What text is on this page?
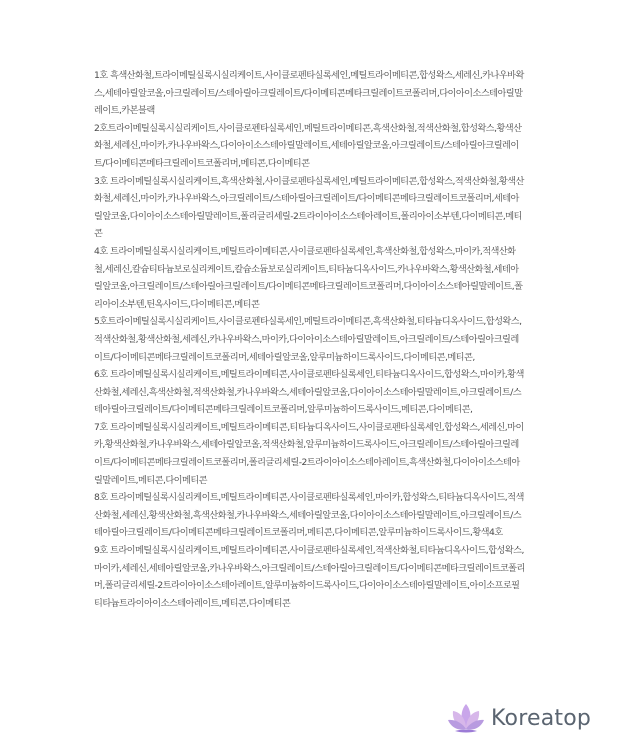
1호 흑색산화철,트라이메틸실록시실리케이트,사이클로펜타실록세인,메틸트라이메티콘,합성왁스,세레신,카나우바왁스,세테아릴알코올,아크릴레이트/스테아릴아크릴레이트/다이메티콘메타크릴레이트코폴리머,다이아이소스테아릴말레이트,카본블랙

2호트라이메틸실록시실리케이트,사이클로펜타실록세인,메틸트라이메티콘,흑색산화철,적색산화철,합성왁스,황색산화철,세레신,마이카,카나우바왁스,다이아이소스테아릴말레이트,세테아릴알코올,아크릴레이트/스테아릴아크릴레이트/다이메티콘메타크릴레이트코폴리머,메티콘,다이메티콘

3호 트라이메틸실록시실리케이트,흑색산화철,사이클로펜타실록세인,메틸트라이메티콘,합성왁스,적색산화철,황색산화철,세레신,마이카,카나우바왁스,아크릴레이트/스테아릴아크릴레이트/다이메티콘메타크릴레이트코폴리머,세테아릴알코올,다이아이소스테아릴말레이트,폴리글리세릴-2트라이아이소스테아레이트,폴리아이소부텐,다이메티콘,메티콘

4호 트라이메틸실록시실리케이트,메틸트라이메티콘,사이클로펜타실록세인,흑색산화철,합성왁스,마이카,적색산화철,세레신,칼슘티타늄보로실리케이트,칼슘소듐보로실리케이트,티타늄디옥사이드,카나우바왁스,황색산화철,세테아릴알코올,아크릴레이트/스테아릴아크릴레이트/다이메티콘메타크릴레이트코폴리머,다이아이소스테아릴말레이트,폴리아이소부텐,틴옥사이드,다이메티콘,메티콘

5호트라이메틸실록시실리케이트,사이클로펜타실록세인,메틸트라이메티콘,흑색산화철,티타늄디옥사이드,합성왁스,적색산화철,황색산화철,세레신,카나우바왁스,마이카,다이아이소스테아릴말레이트,아크릴레이트/스테아릴아크릴레이트/다이메티콘메타크릴레이트코폴리머,세테아릴알코올,알루미늄하이드록사이드,다이메티콘,메티콘,

6호 트라이메틸실록시실리케이트,메틸트라이메티콘,사이클로펜타실록세인,티타늄디옥사이드,합성왁스,마이카,황색산화철,세레신,흑색산화철,적색산화철,카나우바왁스,세테아릴알코올,다이아이소스테아릴말레이트,아크릴레이트/스테아릴아크릴레이트/다이메티콘메타크릴레이트코폴리머,알루미늄하이드록사이드,메티콘,다이메티콘,

7호 트라이메틸실록시실리케이트,메틸트라이메티콘,티타늄디옥사이드,사이클로펜타실록세인,합성왁스,세레신,마이카,황색산화철,카나우바왁스,세테아릴알코올,적색산화철,알루미늄하이드록사이드,아크릴레이트/스테아릴아크릴레이트/다이메티콘메타크릴레이트코폴리머,폴리글리세릴-2트라이아이소스테아레이트,흑색산화철,다이아이소스테아릴말레이트,메티콘,다이메티콘

8호 트라이메틸실록시실리케이트,메틸트라이메티콘,사이클로펜타실록세인,마이카,합성왁스,티타늄디옥사이드,적색산화철,세레신,황색산화철,흑색산화철,카나우바왁스,세테아릴알코올,다이아이소스테아릴말레이트,아크릴레이트/스테아릴아크릴레이트/다이메티콘메타크릴레이트코폴리머,메티콘,다이메티콘,알루미늄하이드록사이드,황색4호

9호 트라이메틸실록시실리케이트,메틸트라이메티콘,사이클로펜타실록세인,적색산화철,티타늄디옥사이드,합성왁스,마이카,세레신,세테아릴알코올,카나우바왁스,아크릴레이트/스테아릴아크릴레이트/다이메티콘메타크릴레이트코폴리머,폴리글리세릴-2트라이아이소스테아레이트,알루미늄하이드록사이드,다이아이소스테아릴말레이트,아이소프로필티타늄트라이아이소스테아레이트,메티콘,다이메티콘

Koreatop
